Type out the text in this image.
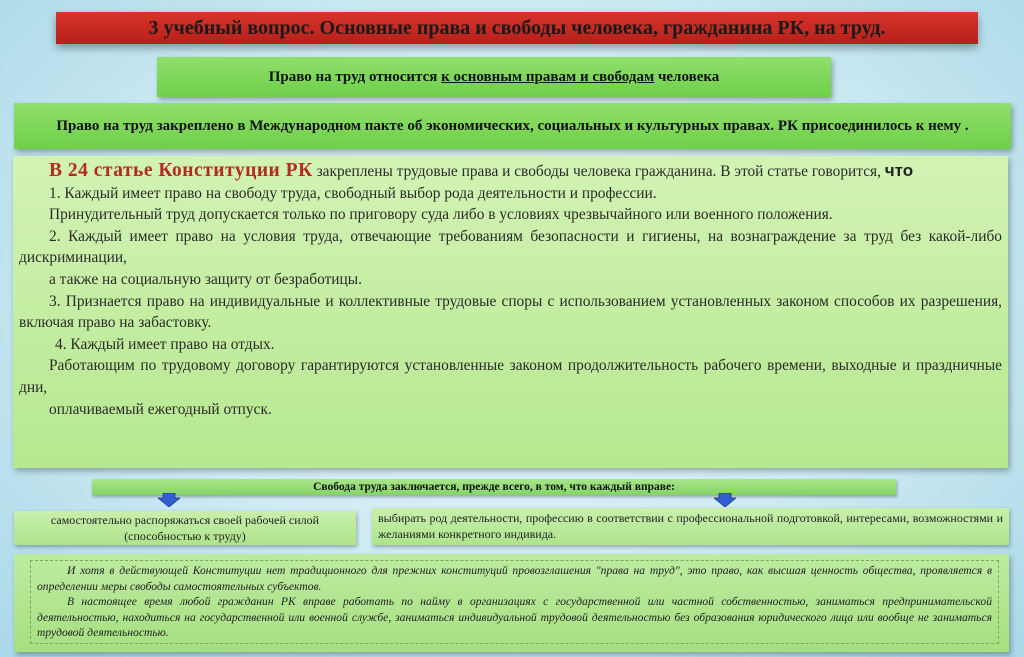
3 учебный вопрос. Основные права и свободы человека, гражданина РК, на труд.
Право на труд относится к основным правам и свободам человека
Право на труд закреплено в Международном пакте об экономических, социальных и культурных правах. РК присоединилось к нему .

В 24 статье Конституции РК закреплены трудовые права и свободы человека гражданина. В этой статье говорится, что

1. Каждый имеет право на свободу труда, свободный выбор рода деятельности и профессии.

Принудительный труд допускается только по приговору суда либо в условиях чрезвычайного или военного положения.

2. Каждый имеет право на условия труда, отвечающие требованиям безопасности и гигиены, на вознаграждение за труд без какой-либо дискриминации,

а также на социальную защиту от безработицы.

3. Признается право на индивидуальные и коллективные трудовые споры с использованием установленных законом способов их разрешения, включая право на забастовку.

4. Каждый имеет право на отдых.

Работающим по трудовому договору гарантируются установленные законом продолжительность рабочего времени, выходные и праздничные дни,

оплачиваемый ежегодный отпуск.

Свобода труда заключается, прежде всего, в том, что каждый вправе:
самостоятельно распоряжаться своей рабочей силой (способностью к труду)
выбирать род деятельности, профессию в соответствии с профессиональной подготовкой, интересами, возможностями и желаниями конкретного индивида.

И хотя в действующей Конституции нет традиционного для прежних конституций провозглашения "права на труд", это право, как высшая ценность общества, проявляется в определении меры свободы самостоятельных субъектов.

В настоящее время любой гражданин РК вправе работать по найму в организациях с государственной или частной собственностью, заниматься предпринимательской деятельностью, находиться на государственной или военной службе, заниматься индивидуальной трудовой деятельностью без образования юридического лица или вообще не заниматься трудовой деятельностью.
